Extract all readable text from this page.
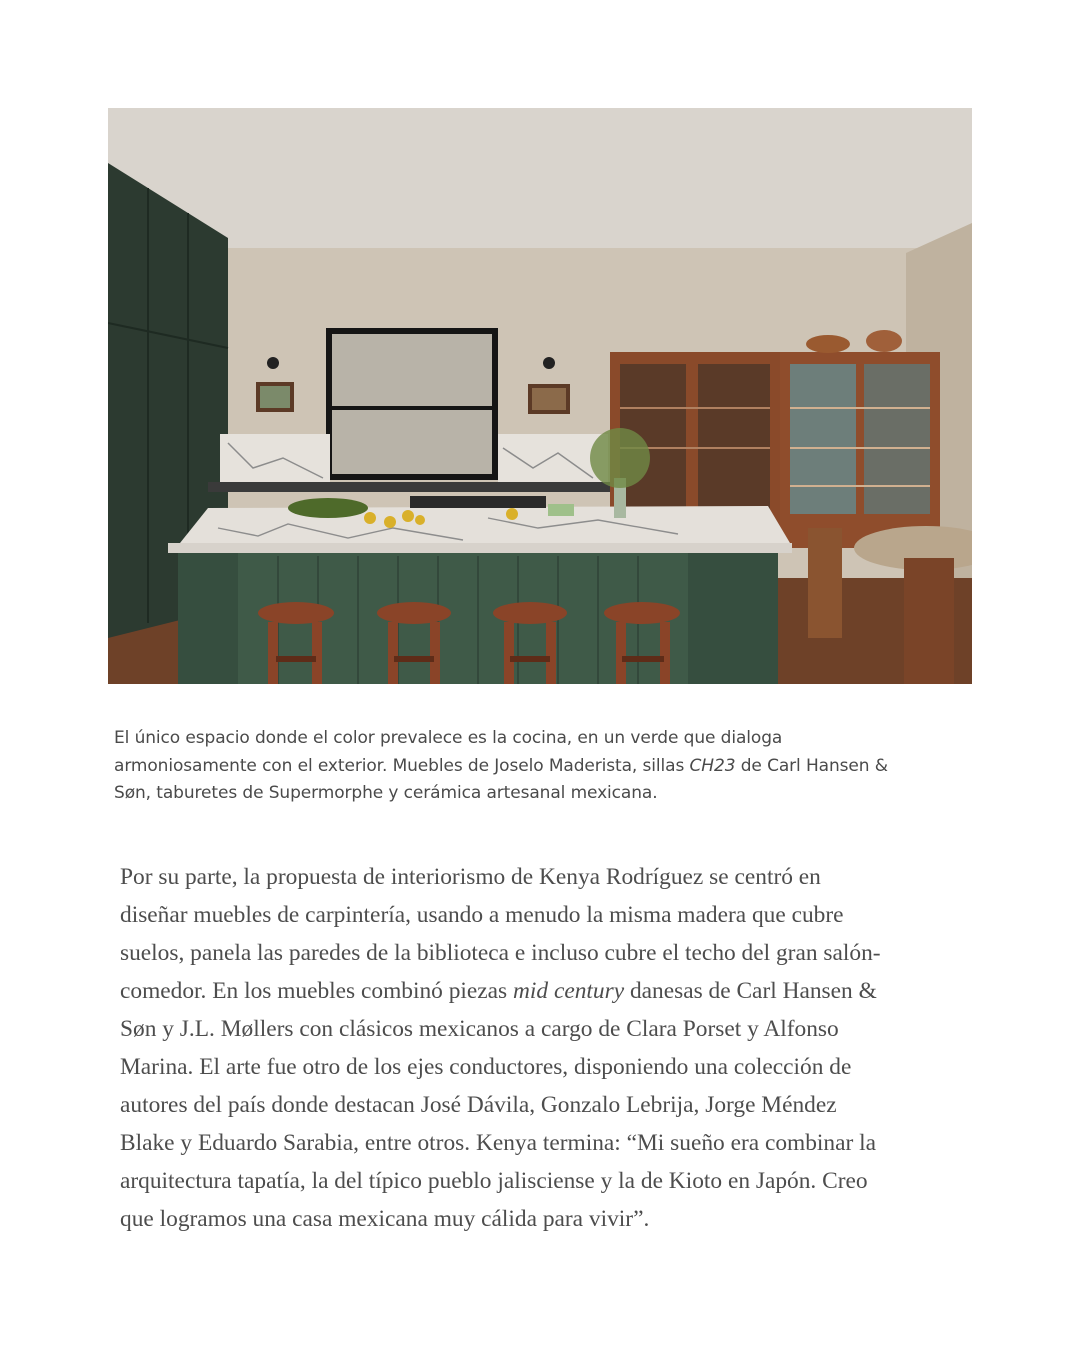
El único espacio donde el color prevalece es la cocina, en un verde que dialoga
armoniosamente con el exterior. Muebles de Joselo Maderista, sillas CH23 de Carl Hansen &
Søn, taburetes de Supermorphe y cerámica artesanal mexicana.

Por su parte, la propuesta de interiorismo de Kenya Rodríguez se centró en
diseñar muebles de carpintería, usando a menudo la misma madera que cubre
suelos, panela las paredes de la biblioteca e incluso cubre el techo del gran salón-
comedor. En los muebles combinó piezas mid century danesas de Carl Hansen &
Søn y J.L. Møllers con clásicos mexicanos a cargo de Clara Porset y Alfonso
Marina. El arte fue otro de los ejes conductores, disponiendo una colección de
autores del país donde destacan José Dávila, Gonzalo Lebrija, Jorge Méndez
Blake y Eduardo Sarabia, entre otros. Kenya termina: “Mi sueño era combinar la
arquitectura tapatía, la del típico pueblo jalisciense y la de Kioto en Japón. Creo
que logramos una casa mexicana muy cálida para vivir”.
